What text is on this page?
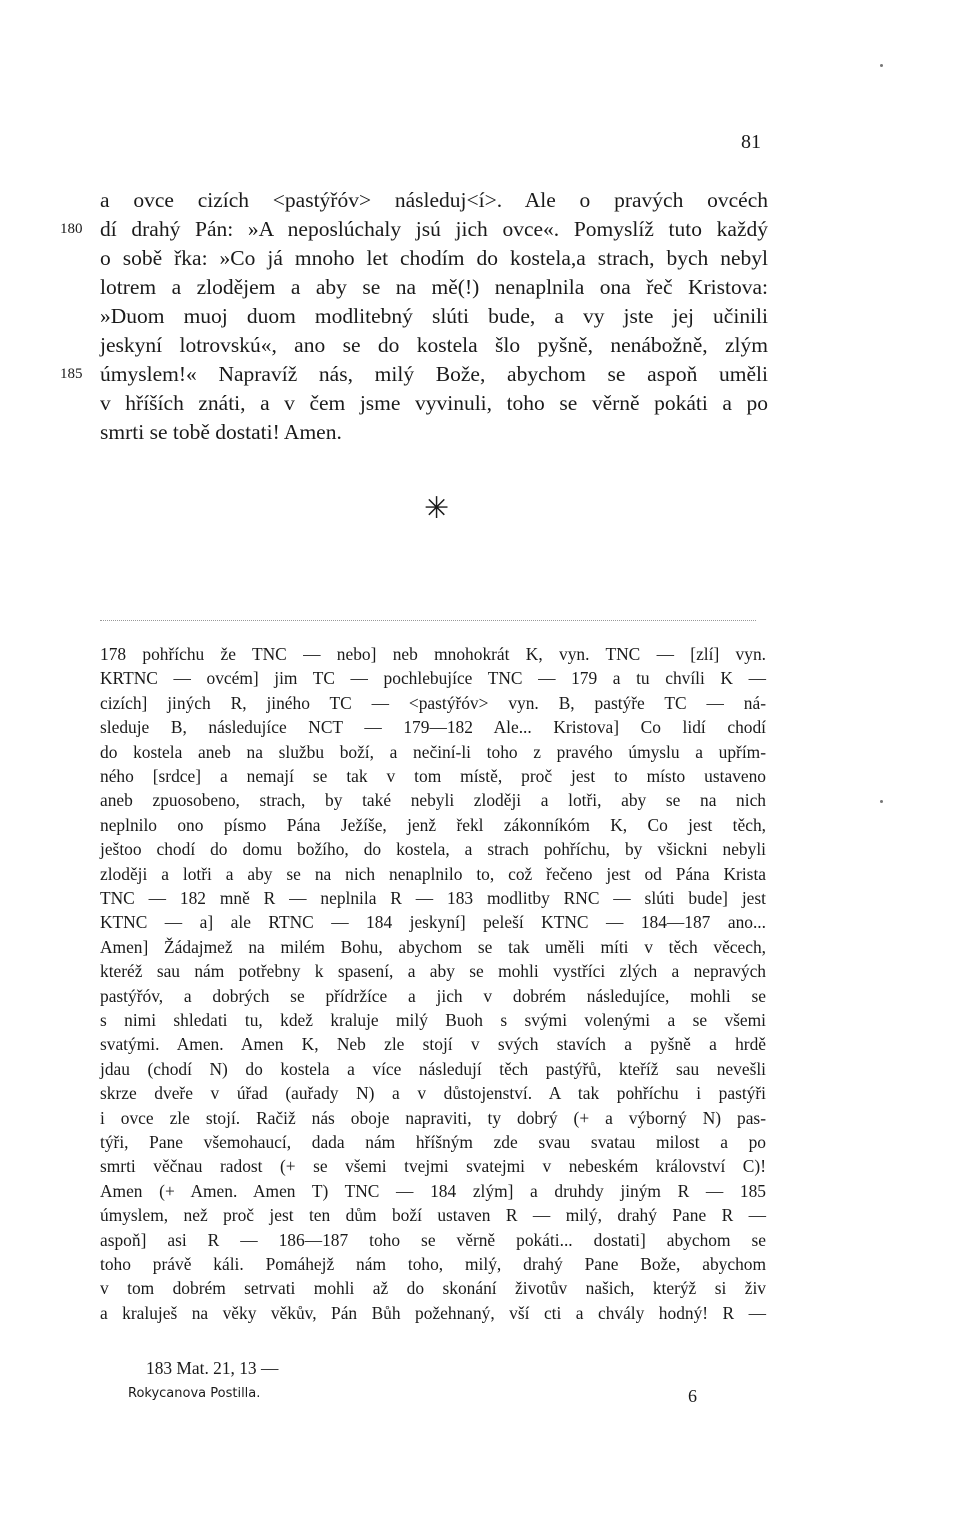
81
a ovce cizích <pastýřóv> následuj<í>. Ale o pravých ovcéch
dí drahý Pán: »A neposlúchaly jsú jich ovce«. Pomyslíž tuto každý
o sobě řka: »Co já mnoho let chodím do kostela,a strach, bych nebyl
lotrem a zlodějem a aby se na mě(!) nenaplnila ona řeč Kristova:
»Duom muoj duom modlitebný slúti bude, a vy jste jej učinili
jeskyní lotrovskú«, ano se do kostela šlo pyšně, nenábožně, zlým
úmyslem!« Napravíž nás, milý Bože, abychom se aspoň uměli
v hříších znáti, a v čem jsme vyvinuli, toho se věrně pokáti a po
smrti se tobě dostati! Amen.
180
185
✳
178 pohříchu že TNC — nebo] neb mnohokrát K, vyn. TNC — [zlí] vyn.
KRTNC — ovcém] jim TC — pochlebujíce TNC — 179 a tu chvíli K —
cizích] jiných R, jiného TC — <pastýřóv> vyn. B, pastýře TC — ná-
sleduje B, následujíce NCT — 179—182 Ale... Kristova] Co lidí chodí
do kostela aneb na službu boží, a nečiní-li toho z pravého úmyslu a upřím-
ného [srdce] a nemají se tak v tom místě, proč jest to místo ustaveno
aneb zpuosobeno, strach, by také nebyli zloději a lotři, aby se na nich
neplnilo ono písmo Pána Ježíše, jenž řekl zákonníkóm K, Co jest těch,
ještoo chodí do domu božího, do kostela, a strach pohříchu, by všickni nebyli
zloději a lotři a aby se na nich nenaplnilo to, což řečeno jest od Pána Krista
TNC — 182 mně R — neplnila R — 183 modlitby RNC — slúti bude] jest
KTNC — a] ale RTNC — 184 jeskyní] peleší KTNC — 184—187 ano...
Amen] Žádajmež na milém Bohu, abychom se tak uměli míti v těch věcech,
kteréž sau nám potřebny k spasení, a aby se mohli vystříci zlých a nepravých
pastýřóv, a dobrých se přídržíce a jich v dobrém následujíce, mohli se
s nimi shledati tu, kdež kraluje milý Buoh s svými volenými a se všemi
svatými. Amen. Amen K, Neb zle stojí v svých stavích a pyšně a hrdě
jdau (chodí N) do kostela a více následují těch pastýřů, kteříž sau nevešli
skrze dveře v úřad (auřady N) a v důstojenství. A tak pohříchu i pastýři
i ovce zle stojí. Račiž nás oboje napraviti, ty dobrý (+ a výborný N) pas-
týři, Pane všemohaucí, dada nám hříšným zde svau svatau milost a po
smrti věčnau radost (+ se všemi tvejmi svatejmi v nebeském království C)!
Amen (+ Amen. Amen T) TNC — 184 zlým] a druhdy jiným R — 185
úmyslem, než proč jest ten dům boží ustaven R — milý, drahý Pane R —
aspoň] asi R — 186—187 toho se věrně pokáti... dostati] abychom se
toho právě káli. Pomáhejž nám toho, milý, drahý Pane Bože, abychom
v tom dobrém setrvati mohli až do skonání životův našich, kterýž si živ
a kraluješ na věky věkův, Pán Bůh požehnaný, vší cti a chvály hodný! R —
183 Mat. 21, 13 —
Rokycanova Postilla.	6
